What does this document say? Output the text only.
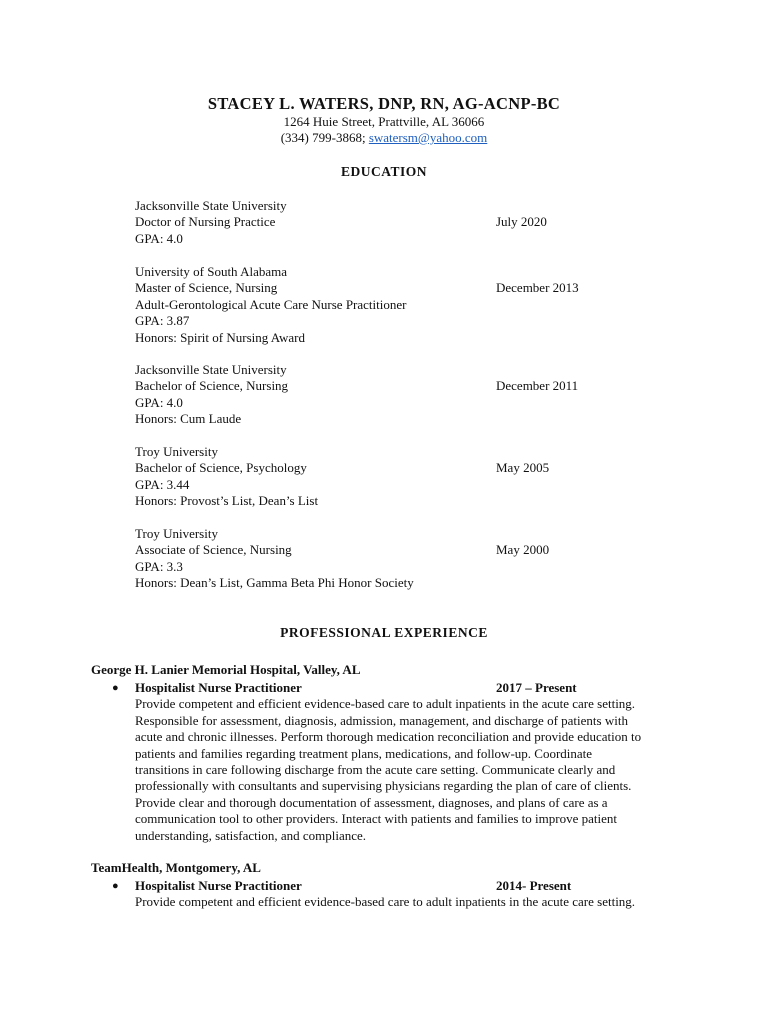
STACEY L. WATERS, DNP, RN, AG-ACNP-BC
1264 Huie Street, Prattville, AL 36066
(334) 799-3868; swatersm@yahoo.com
EDUCATION
Jacksonville State University
Doctor of Nursing Practice	July 2020
GPA: 4.0
University of South Alabama
Master of Science, Nursing	December 2013
Adult-Gerontological Acute Care Nurse Practitioner
GPA: 3.87
Honors: Spirit of Nursing Award
Jacksonville State University
Bachelor of Science, Nursing	December 2011
GPA: 4.0
Honors: Cum Laude
Troy University
Bachelor of Science, Psychology	May 2005
GPA: 3.44
Honors: Provost’s List, Dean’s List
Troy University
Associate of Science, Nursing	May 2000
GPA: 3.3
Honors: Dean’s List, Gamma Beta Phi Honor Society
PROFESSIONAL EXPERIENCE
George H. Lanier Memorial Hospital, Valley, AL
● Hospitalist Nurse Practitioner	2017 – Present
Provide competent and efficient evidence-based care to adult inpatients in the acute care setting.
Responsible for assessment, diagnosis, admission, management, and discharge of patients with
acute and chronic illnesses. Perform thorough medication reconciliation and provide education to
patients and families regarding treatment plans, medications, and follow-up. Coordinate
transitions in care following discharge from the acute care setting. Communicate clearly and
professionally with consultants and supervising physicians regarding the plan of care of clients.
Provide clear and thorough documentation of assessment, diagnoses, and plans of care as a
communication tool to other providers. Interact with patients and families to improve patient
understanding, satisfaction, and compliance.
TeamHealth, Montgomery, AL
● Hospitalist Nurse Practitioner	2014- Present
Provide competent and efficient evidence-based care to adult inpatients in the acute care setting.
